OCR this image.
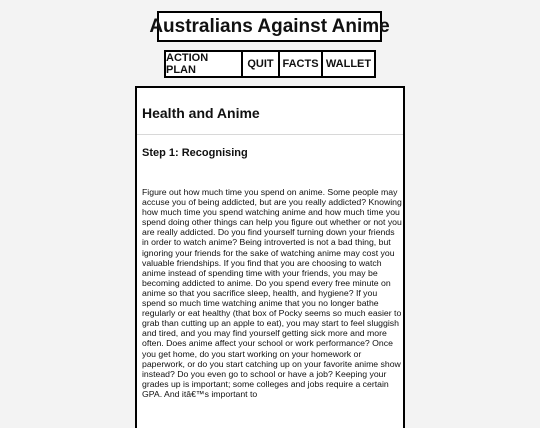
Australians Against Anime
ACTION PLAN	QUIT FACTS WALLET
Health and Anime
Step 1: Recognising
Figure out how much time you spend on anime. Some people may accuse you of being addicted, but are you really addicted? Knowing how much time you spend watching anime and how much time you spend doing other things can help you figure out whether or not you are really addicted. Do you find yourself turning down your friends in order to watch anime? Being introverted is not a bad thing, but ignoring your friends for the sake of watching anime may cost you valuable friendships. If you find that you are choosing to watch anime instead of spending time with your friends, you may be becoming addicted to anime. Do you spend every free minute on anime so that you sacrifice sleep, health, and hygiene? If you spend so much time watching anime that you no longer bathe regularly or eat healthy (that box of Pocky seems so much easier to grab than cutting up an apple to eat), you may start to feel sluggish and tired, and you may find yourself getting sick more and more often. Does anime affect your school or work performance? Once you get home, do you start working on your homework or paperwork, or do you start catching up on your favorite anime show instead? Do you even go to school or have a job? Keeping your grades up is important; some colleges and jobs require a certain GPA. And itâ€™s important to
